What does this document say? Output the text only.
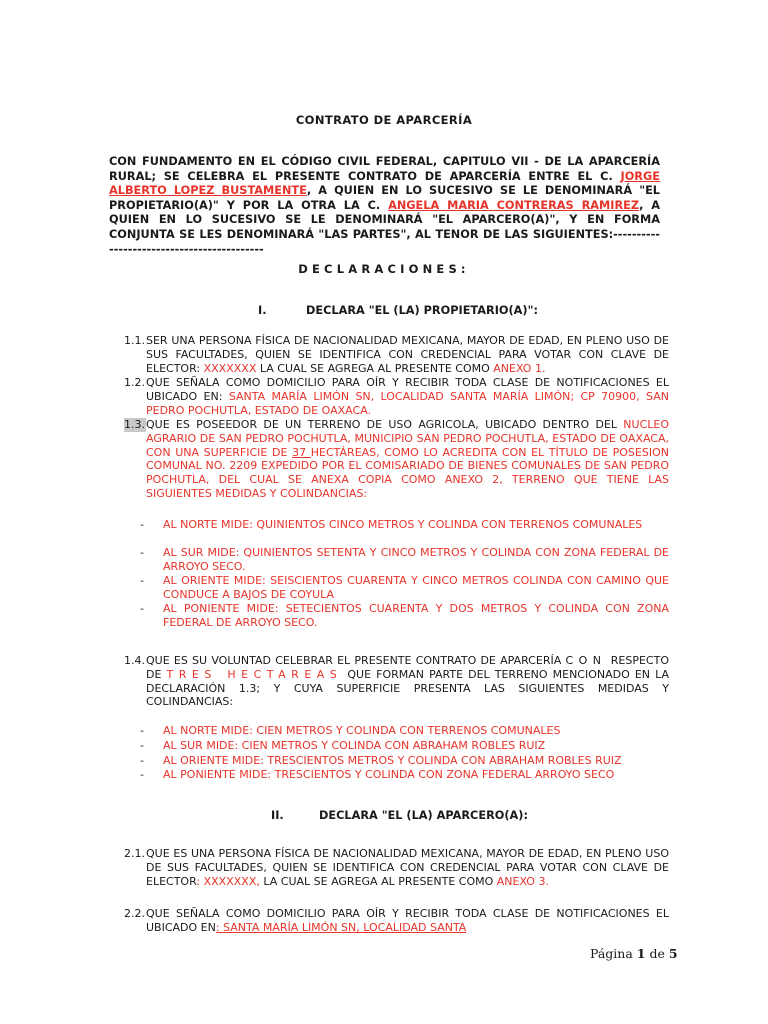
CONTRATO DE APARCERÍA
CON FUNDAMENTO EN EL CÓDIGO CIVIL FEDERAL, CAPITULO VII - DE LA APARCERÍA RURAL; SE CELEBRA EL PRESENTE CONTRATO DE APARCERÍA ENTRE EL C. JORGE ALBERTO LOPEZ BUSTAMENTE, A QUIEN EN LO SUCESIVO SE LE DENOMINARÁ "EL PROPIETARIO(A)" Y POR LA OTRA LA C. ANGELA MARIA CONTRERAS RAMIREZ, A QUIEN EN LO SUCESIVO SE LE DENOMINARÁ "EL APARCERO(A)", Y EN FORMA CONJUNTA SE LES DENOMINARÁ "LAS PARTES", AL TENOR DE LAS SIGUIENTES:-------------------------------------------
DECLARACIONES:
I.	DECLARA "EL (LA) PROPIETARIO(A)":
1.1. SER UNA PERSONA FÍSICA DE NACIONALIDAD MEXICANA, MAYOR DE EDAD, EN PLENO USO DE SUS FACULTADES, QUIEN SE IDENTIFICA CON CREDENCIAL PARA VOTAR CON CLAVE DE ELECTOR: XXXXXXX LA CUAL SE AGREGA AL PRESENTE COMO ANEXO 1.
1.2. QUE SEÑALA COMO DOMICILIO PARA OÍR Y RECIBIR TODA CLASE DE NOTIFICACIONES EL UBICADO EN: SANTA MARÍA LIMÓN SN, LOCALIDAD SANTA MARÍA LIMÓN; CP 70900, SAN PEDRO POCHUTLA, ESTADO DE OAXACA.
1.3. QUE ES POSEEDOR DE UN TERRENO DE USO AGRICOLA, UBICADO DENTRO DEL NUCLEO AGRARIO DE SAN PEDRO POCHUTLA, MUNICIPIO SAN PEDRO POCHUTLA, ESTADO DE OAXACA, CON UNA SUPERFICIE DE 37 HECTÁREAS, COMO LO ACREDITA CON EL TÍTULO DE POSESION COMUNAL NO. 2209 EXPEDIDO POR EL COMISARIADO DE BIENES COMUNALES DE SAN PEDRO POCHUTLA, DEL CUAL SE ANEXA COPIA COMO ANEXO 2, TERRENO QUE TIENE LAS SIGUIENTES MEDIDAS Y COLINDANCIAS:
- AL NORTE MIDE: QUINIENTOS CINCO METROS Y COLINDA CON TERRENOS COMUNALES
- AL SUR MIDE: QUINIENTOS SETENTA Y CINCO METROS Y COLINDA CON ZONA FEDERAL DE ARROYO SECO.
- AL ORIENTE MIDE: SEISCIENTOS CUARENTA Y CINCO METROS COLINDA CON CAMINO QUE CONDUCE A BAJOS DE COYULA
- AL PONIENTE MIDE: SETECIENTOS CUARENTA Y DOS METROS Y COLINDA CON ZONA FEDERAL DE ARROYO SECO.
1.4. QUE ES SU VOLUNTAD CELEBRAR EL PRESENTE CONTRATO DE APARCERÍA CON RESPECTO DE TRES HECTAREAS QUE FORMAN PARTE DEL TERRENO MENCIONADO EN LA DECLARACIÓN 1.3; Y CUYA SUPERFICIE PRESENTA LAS SIGUIENTES MEDIDAS Y COLINDANCIAS:
- AL NORTE MIDE: CIEN METROS Y COLINDA CON TERRENOS COMUNALES
- AL SUR MIDE: CIEN METROS Y COLINDA CON ABRAHAM ROBLES RUIZ
- AL ORIENTE MIDE: TRESCIENTOS METROS Y COLINDA CON ABRAHAM ROBLES RUIZ
- AL PONIENTE MIDE: TRESCIENTOS Y COLINDA CON ZONA FEDERAL ARROYO SECO
II.	DECLARA "EL (LA) APARCERO(A):
2.1. QUE ES UNA PERSONA FÍSICA DE NACIONALIDAD MEXICANA, MAYOR DE EDAD, EN PLENO USO DE SUS FACULTADES, QUIEN SE IDENTIFICA CON CREDENCIAL PARA VOTAR CON CLAVE DE ELECTOR: XXXXXXX, LA CUAL SE AGREGA AL PRESENTE COMO ANEXO 3.
2.2. QUE SEÑALA COMO DOMICILIO PARA OÍR Y RECIBIR TODA CLASE DE NOTIFICACIONES EL UBICADO EN: SANTA MARÍA LIMÓN SN, LOCALIDAD SANTA
Página 1 de 5
